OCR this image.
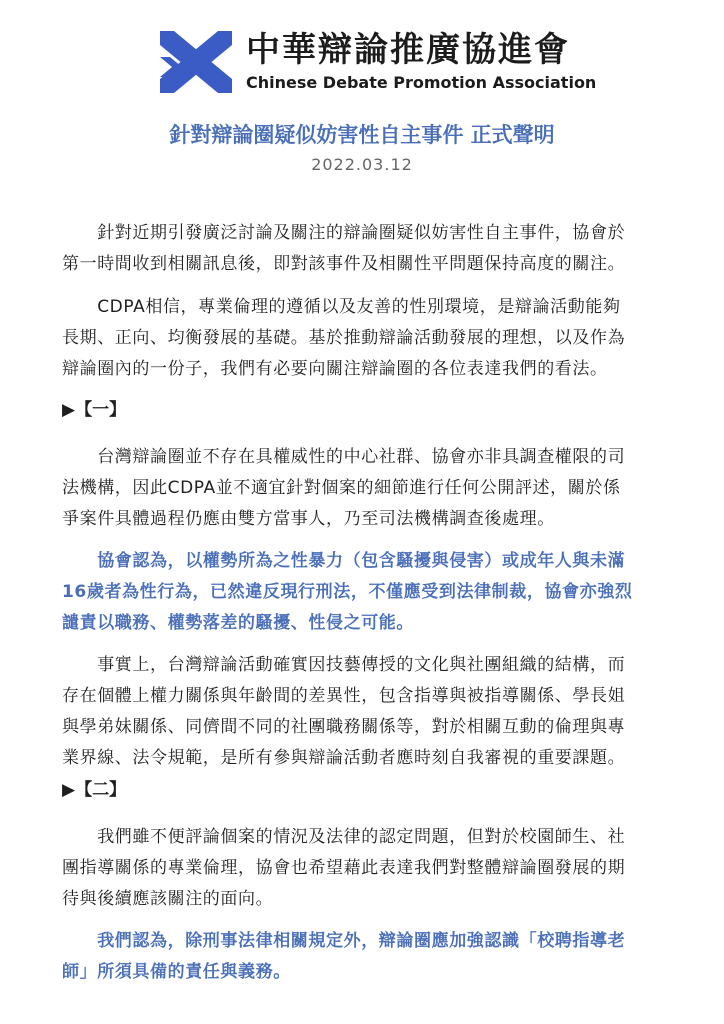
中華辯論推廣協進會
Chinese Debate Promotion Association
針對辯論圈疑似妨害性自主事件 正式聲明
2022.03.12

　　針對近期引發廣泛討論及關注的辯論圈疑似妨害性自主事件，協會於
第一時間收到相關訊息後，即對該事件及相關性平問題保持高度的關注。

　　CDPA相信，專業倫理的遵循以及友善的性別環境，是辯論活動能夠
長期、正向、均衡發展的基礎。基於推動辯論活動發展的理想，以及作為
辯論圈內的一份子，我們有必要向關注辯論圈的各位表達我們的看法。

▶【一】

　　台灣辯論圈並不存在具權威性的中心社群、協會亦非具調查權限的司
法機構，因此CDPA並不適宜針對個案的細節進行任何公開評述，關於係
爭案件具體過程仍應由雙方當事人，乃至司法機構調查後處理。

　　協會認為，以權勢所為之性暴力（包含騷擾與侵害）或成年人與未滿
16歲者為性行為，已然違反現行刑法，不僅應受到法律制裁，協會亦強烈
譴責以職務、權勢落差的騷擾、性侵之可能。

　　事實上，台灣辯論活動確實因技藝傳授的文化與社團組織的結構，而
存在個體上權力關係與年齡間的差異性，包含指導與被指導關係、學長姐
與學弟妹關係、同儕間不同的社團職務關係等，對於相關互動的倫理與專
業界線、法令規範，是所有參與辯論活動者應時刻自我審視的重要課題。

▶【二】

　　我們雖不便評論個案的情況及法律的認定問題，但對於校園師生、社
團指導關係的專業倫理，協會也希望藉此表達我們對整體辯論圈發展的期
待與後續應該關注的面向。

　　我們認為，除刑事法律相關規定外，辯論圈應加強認識「校聘指導老
師」所須具備的責任與義務。
